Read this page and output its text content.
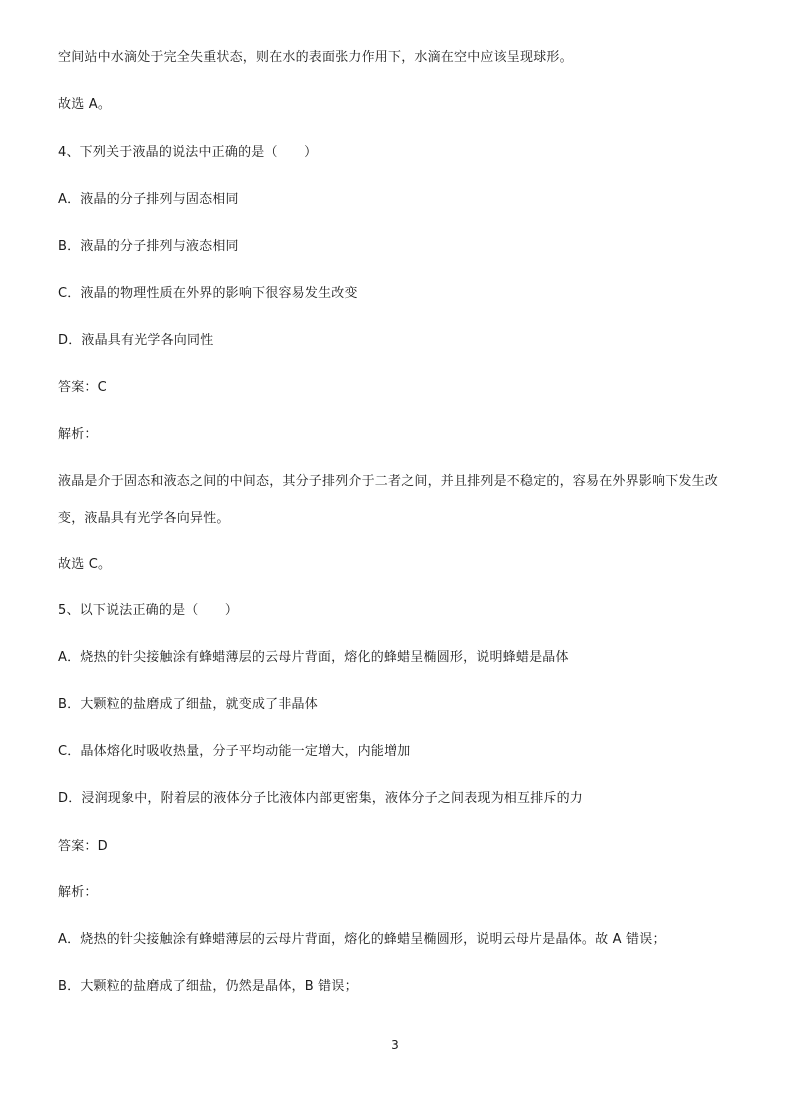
空间站中水滴处于完全失重状态，则在水的表面张力作用下，水滴在空中应该呈现球形。
故选 A。
4、下列关于液晶的说法中正确的是（　　）
A．液晶的分子排列与固态相同
B．液晶的分子排列与液态相同
C．液晶的物理性质在外界的影响下很容易发生改变
D．液晶具有光学各向同性
答案：C
解析：
液晶是介于固态和液态之间的中间态，其分子排列介于二者之间，并且排列是不稳定的，容易在外界影响下发生改变，液晶具有光学各向异性。
故选 C。
5、以下说法正确的是（　　）
A．烧热的针尖接触涂有蜂蜡薄层的云母片背面，熔化的蜂蜡呈椭圆形，说明蜂蜡是晶体
B．大颗粒的盐磨成了细盐，就变成了非晶体
C．晶体熔化时吸收热量，分子平均动能一定增大，内能增加
D．浸润现象中，附着层的液体分子比液体内部更密集，液体分子之间表现为相互排斥的力
答案：D
解析：
A．烧热的针尖接触涂有蜂蜡薄层的云母片背面，熔化的蜂蜡呈椭圆形，说明云母片是晶体。故 A 错误；
B．大颗粒的盐磨成了细盐，仍然是晶体，B 错误；
3
